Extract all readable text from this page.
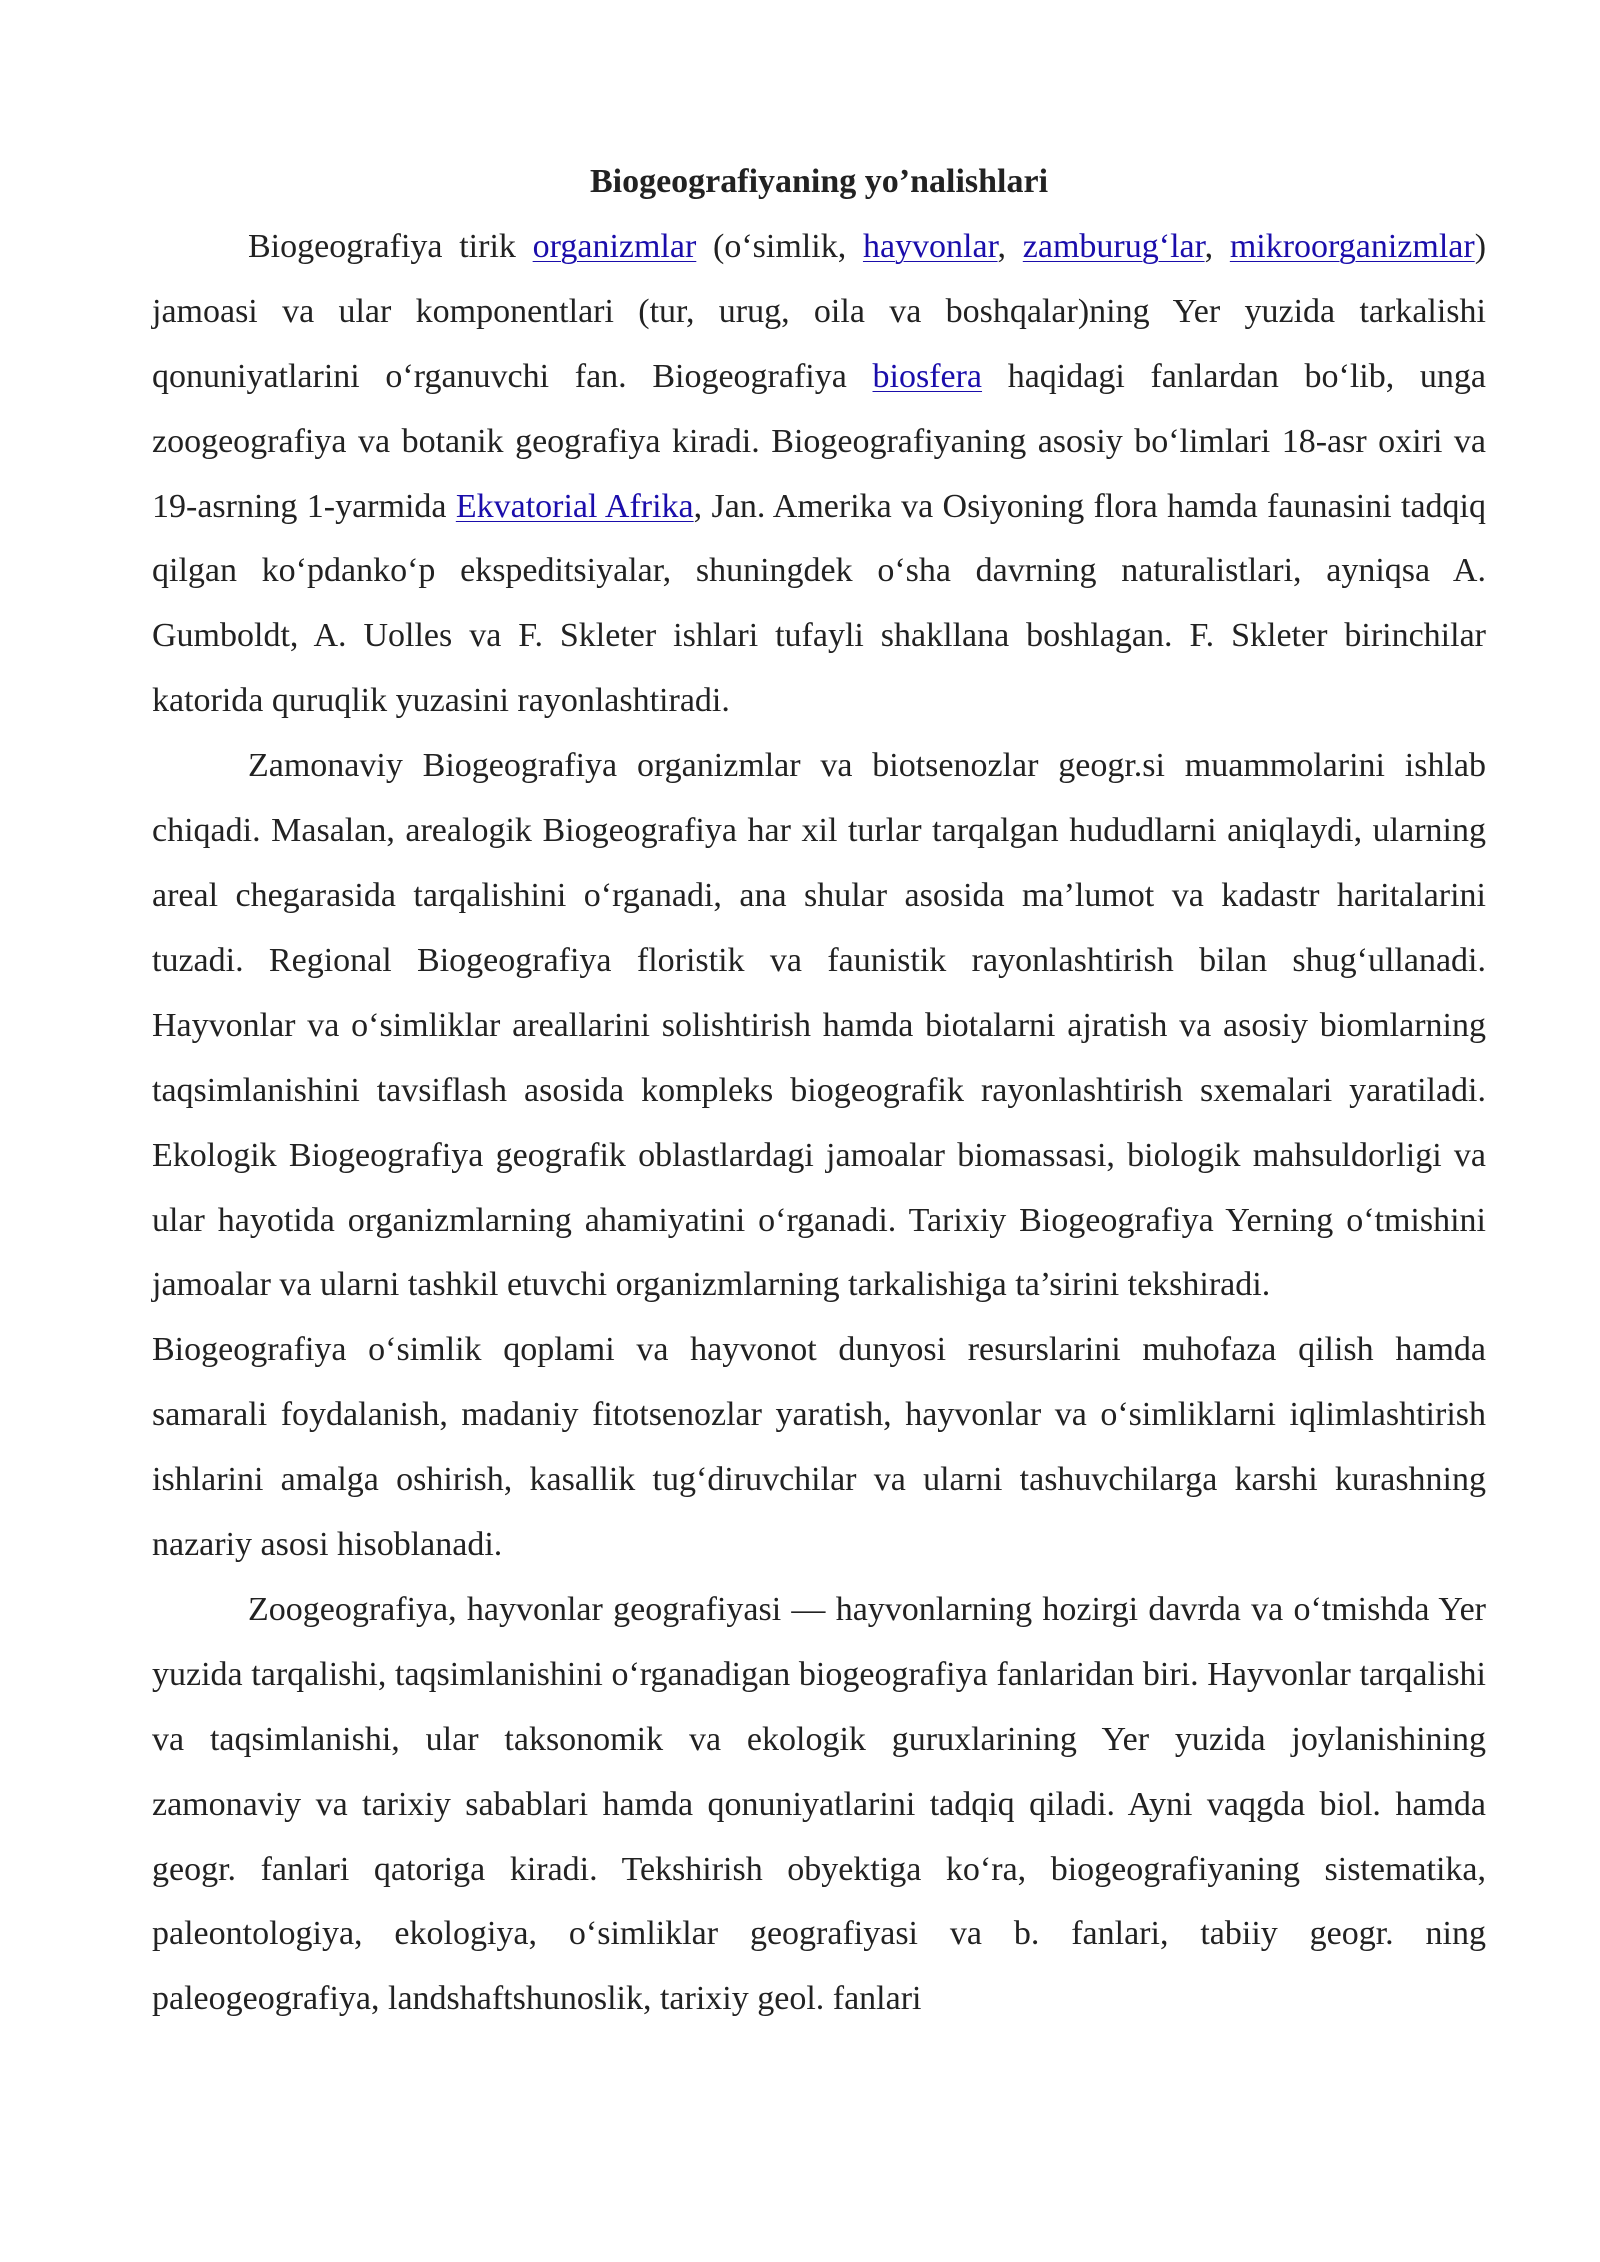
Biogeografiyaning yo’nalishlari

Biogeografiya tirik organizmlar (o‘simlik, hayvonlar, zamburug‘lar, mikroorganizmlar) jamoasi va ular komponentlari (tur, urug, oila va boshqalar)ning Yer yuzida tarkalishi qonuniyatlarini o‘rganuvchi fan. Biogeografiya biosfera haqidagi fanlardan bo‘lib, unga zoogeografiya va botanik geografiya kiradi. Biogeografiyaning asosiy bo‘limlari 18-asr oxiri va 19-asrning 1-yarmida Ekvatorial Afrika, Jan. Amerika va Osiyoning flora hamda faunasini tadqiq qilgan ko‘pdanko‘p ekspeditsiyalar, shuningdek o‘sha davrning naturalistlari, ayniqsa A. Gumboldt, A. Uolles va F. Skleter ishlari tufayli shakllana boshlagan. F. Skleter birinchilar katorida quruqlik yuzasini rayonlashtiradi.

Zamonaviy Biogeografiya organizmlar va biotsenozlar geogr.si muammolarini ishlab chiqadi. Masalan, arealogik Biogeografiya har xil turlar tarqalgan hududlarni aniqlaydi, ularning areal chegarasida tarqalishini o‘rganadi, ana shular asosida ma’lumot va kadastr haritalarini tuzadi. Regional Biogeografiya floristik va faunistik rayonlashtirish bilan shug‘ullanadi. Hayvonlar va o‘simliklar areallarini solishtirish hamda biotalarni ajratish va asosiy biomlarning taqsimlanishini tavsiflash asosida kompleks biogeografik rayonlashtirish sxemalari yaratiladi. Ekologik Biogeografiya geografik oblastlardagi jamoalar biomassasi, biologik mahsuldorligi va ular hayotida organizmlarning ahamiyatini o‘rganadi. Tarixiy Biogeografiya Yerning o‘tmishini jamoalar va ularni tashkil etuvchi organizmlarning tarkalishiga ta’sirini tekshiradi.

Biogeografiya o‘simlik qoplami va hayvonot dunyosi resurslarini muhofaza qilish hamda samarali foydalanish, madaniy fitotsenozlar yaratish, hayvonlar va o‘simliklarni iqlimlashtirish ishlarini amalga oshirish, kasallik tug‘diruvchilar va ularni tashuvchilarga karshi kurashning nazariy asosi hisoblanadi.

Zoogeografiya, hayvonlar geografiyasi — hayvonlarning hozirgi davrda va o‘tmishda Yer yuzida tarqalishi, taqsimlanishini o‘rganadigan biogeografiya fanlaridan biri. Hayvonlar tarqalishi va taqsimlanishi, ular taksonomik va ekologik guruxlarining Yer yuzida joylanishining zamonaviy va tarixiy sabablari hamda qonuniyatlarini tadqiq qiladi. Ayni vaqgda biol. hamda geogr. fanlari qatoriga kiradi. Tekshirish obyektiga ko‘ra, biogeografiyaning sistematika, paleontologiya, ekologiya, o‘simliklar geografiyasi va b. fanlari, tabiiy geogr. ning paleogeografiya, landshaftshunoslik, tarixiy geol. fanlari
